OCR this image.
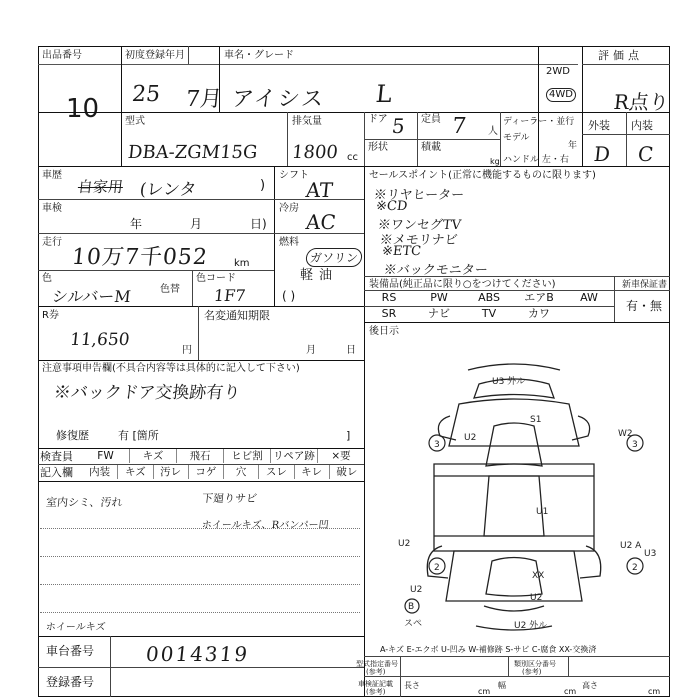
出品番号
10
初度登録年月
25 7月
車名・グレード
アイシス L
2WD
4WD
評価点
R点り
型式
DBA-ZGM15G
排気量
1800 cc
ドア 5 定員 7 人
形状	積載
kg
ディーラー・並行
モデル
年
ハンドル 左・右
外装 内装
D C
車歴
自家用 (レンタ	)
シフト
AT
車検
年	月	日)
冷房
AC
走行
10万7千052 km
燃料
ガソリン
軽油
( )
色
シルバーM	色替
色コード
1F7
セールスポイント(正常に機能するものに限ります)
※リヤヒーター
※CD
※ワンセグTV
※メモリナビ
※ETC
※バックモニター
装備品(純正品に限り○をつけてください)	新車保証書
RS	PW	ABS	エアB	AW
SR	ナビ	TV	カワ
有・無
後日示
R券
11,650
円
名変通知期限
月	日
注意事項申告欄(不具合内容等は具体的に記入して下さい)
※バックドア交換跡有り
修復歴	有 [箇所	]
検査員
記入欄
FW	キズ	飛石	ヒビ割 リペア跡	×要
内装	キズ	汚レ	コゲ	穴	スレ	キレ	破レ
室内シミ、汚れ	下廻りサビ
ホイールキズ、Rバンパー凹
ホイールキズ
車台番号	0014319
登録番号
U3 外ル
U2
S1
U1
W2
U2
U2
U3
XX
U2
U2 A
U2 外ル
3	3
2	2
B
スペ
A-キズ E-エクボ U-凹み W-補修跡 S-サビ C-腐食 XX-交換済
型式指定番号
(参考)
類別区分番号
(参考)
車検証記載
(参考)
長さ
cm
幅
cm
高さ
cm
